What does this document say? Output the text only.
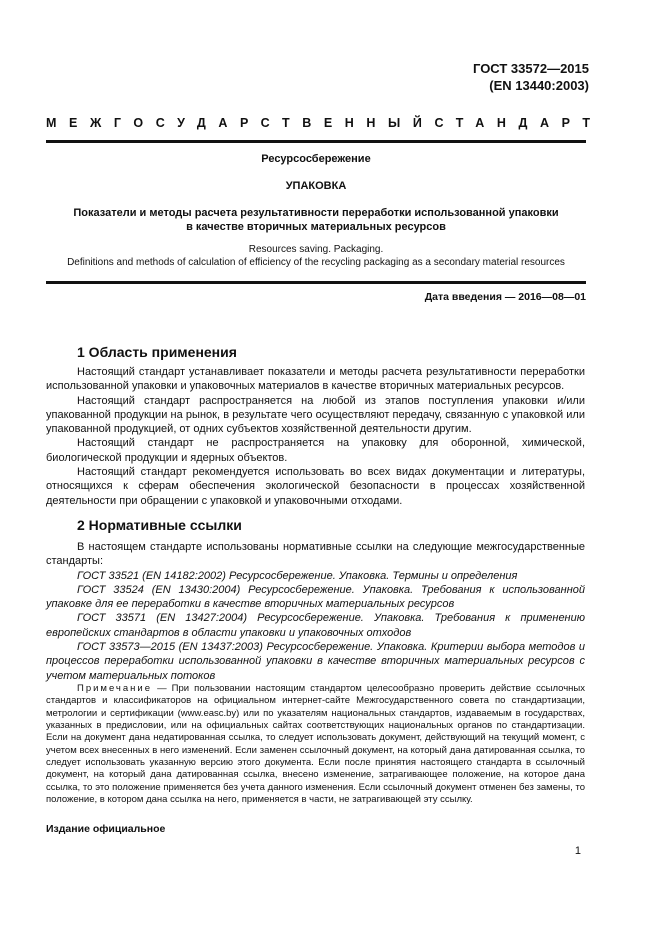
ГОСТ 33572—2015
(EN 13440:2003)
МЕЖГОСУДАРСТВЕННЫЙ СТАНДАРТ
Ресурсосбережение
УПАКОВКА
Показатели и методы расчета результативности переработки использованной упаковки
в качестве вторичных материальных ресурсов
Resources saving. Packaging.
Definitions and methods of calculation of efficiency of the recycling packaging as a secondary material resources
Дата введения — 2016—08—01
1 Область применения

Настоящий стандарт устанавливает показатели и методы расчета результативности переработки использованной упаковки и упаковочных материалов в качестве вторичных материальных ресурсов.

Настоящий стандарт распространяется на любой из этапов поступления упаковки и/или упакованной продукции на рынок, в результате чего осуществляют передачу, связанную с упаковкой или упакованной продукцией, от одних субъектов хозяйственной деятельности другим.

Настоящий стандарт не распространяется на упаковку для оборонной, химической, биологической продукции и ядерных объектов.

Настоящий стандарт рекомендуется использовать во всех видах документации и литературы, относящихся к сферам обеспечения экологической безопасности в процессах хозяйственной деятельности при обращении с упаковкой и упаковочными отходами.

2 Нормативные ссылки

В настоящем стандарте использованы нормативные ссылки на следующие межгосударственные стандарты:

ГОСТ 33521 (EN 14182:2002) Ресурсосбережение. Упаковка. Термины и определения

ГОСТ 33524 (EN 13430:2004) Ресурсосбережение. Упаковка. Требования к использованной упаковке для ее переработки в качестве вторичных материальных ресурсов

ГОСТ 33571 (EN 13427:2004) Ресурсосбережение. Упаковка. Требования к применению европейских стандартов в области упаковки и упаковочных отходов

ГОСТ 33573—2015 (EN 13437:2003) Ресурсосбережение. Упаковка. Критерии выбора методов и процессов переработки использованной упаковки в качестве вторичных материальных ресурсов с учетом материальных потоков

Примечание — При пользовании настоящим стандартом целесообразно проверить действие ссылочных стандартов и классификаторов на официальном интернет-сайте Межгосударственного совета по стандартизации, метрологии и сертификации (www.easc.by) или по указателям национальных стандартов, издаваемым в государствах, указанных в предисловии, или на официальных сайтах соответствующих национальных органов по стандартизации. Если на документ дана недатированная ссылка, то следует использовать документ, действующий на текущий момент, с учетом всех внесенных в него изменений. Если заменен ссылочный документ, на который дана датированная ссылка, то следует использовать указанную версию этого документа. Если после принятия настоящего стандарта в ссылочный документ, на который дана датированная ссылка, внесено изменение, затрагивающее положение, на которое дана ссылка, то это положение применяется без учета данного изменения. Если ссылочный документ отменен без замены, то положение, в котором дана ссылка на него, применяется в части, не затрагивающей эту ссылку.
Издание официальное
1
